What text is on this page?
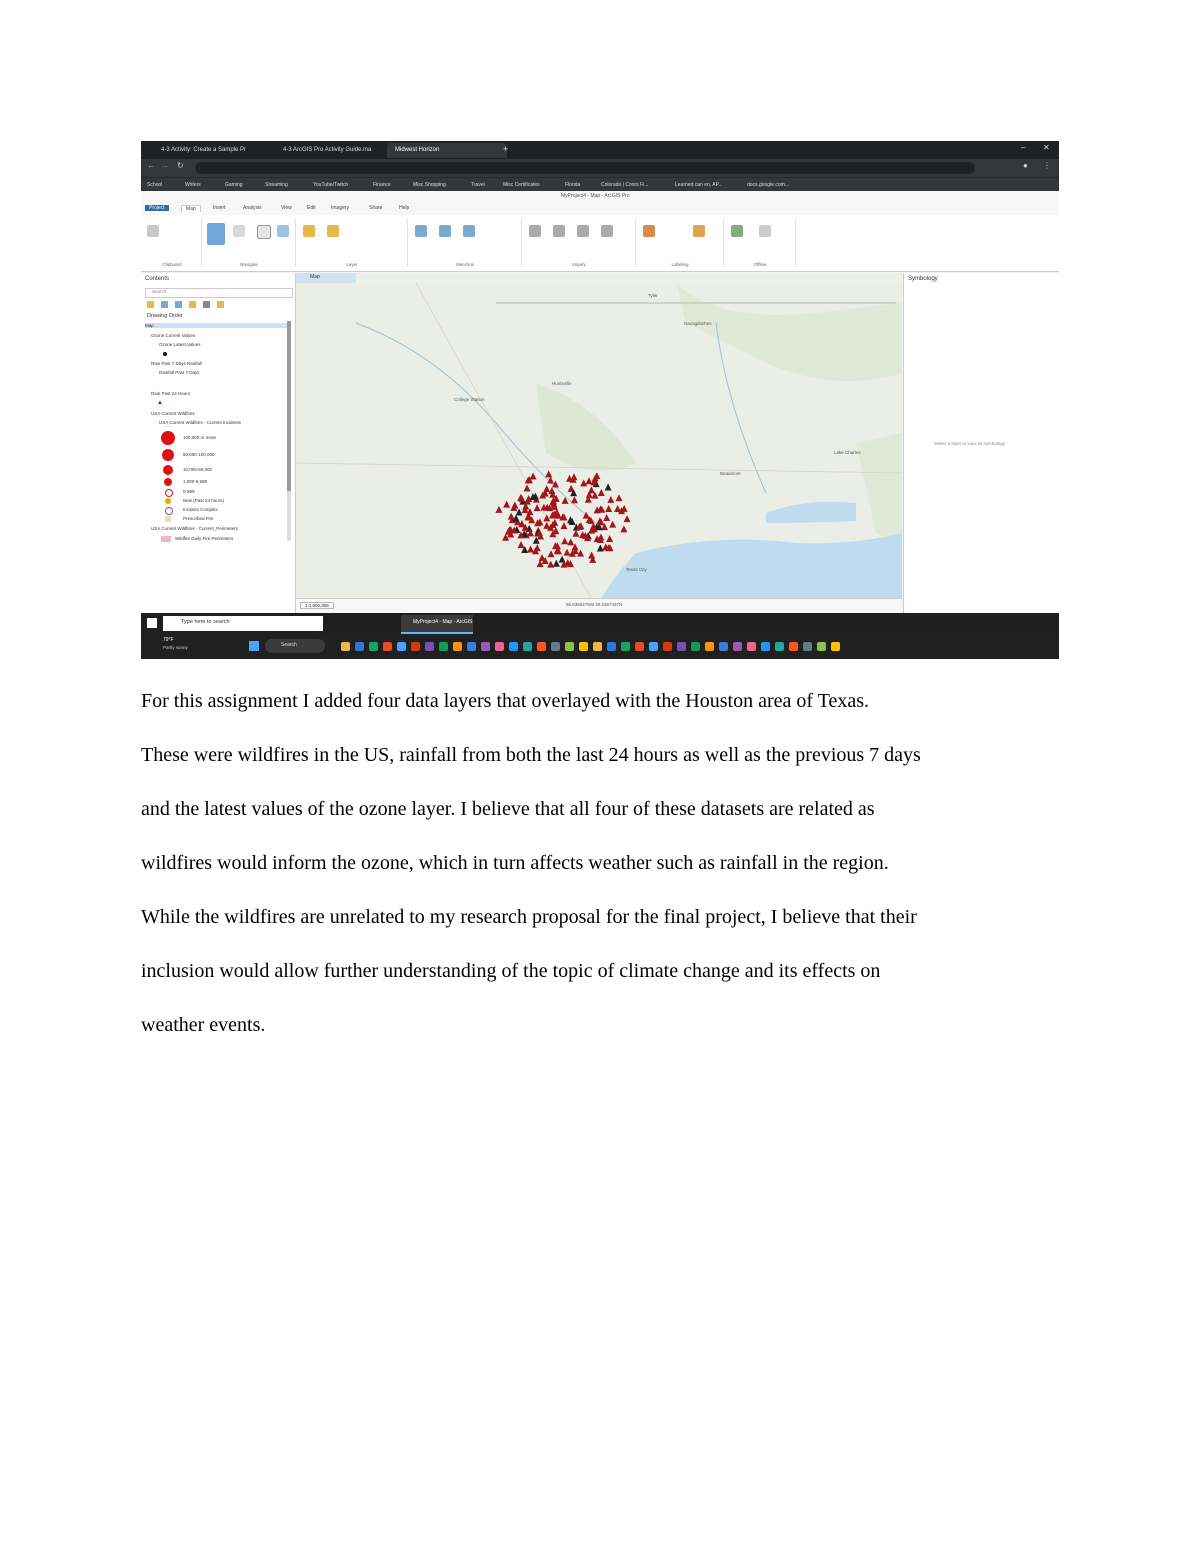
4-3 Activity: Create a Sample Pr	4-3 ArcGIS Pro Activity Guide.ma	Midwest Horizon	+	– ✕
← → ↻	● ⋮
School	Writers	Gaming	Streaming	YouTube/Twitch	Finance	Misc Shopping	Travel	Misc Certificates	Florida	Colorado | Coors Fi...	Learned can en, AP...	docs.google.com...
MyProject4 - Map - ArcGIS Pro
Project	Map	Insert	Analysis	View	Edit	Imagery	Share	Help
Clipboard	Navigate	Layer	Selection	Inquiry	Labeling	Offline
Contents
Search
Drawing Order
Map
Ozone Current Values
Ozone Latest Values
Rain Past 7 Days Rainfall
Rainfall Past 7 Days
Rain Past 24 Hours
▲
USA Current Wildfires
USA Current Wildfires - Current Incidents
100,000 or more
50,000-100,000
10,000-50,000
1,000-9,999
0-999
New (Past 24 hours)
Incident Complex
Prescribed Fire
USA Current Wildfires - Current_Perimeters
Wildfire Daily Fire Perimeters
Map
Tyler
Nacogdoches
Huntsville
College Station
Beaumont
Lake Charles
Texas City
1:1,600,305	96.8360278W 30.2357437N
Symbology
Select a layer to view its symbology
Type here to search	MyProject4 - Map - ArcGIS
79°F
Partly sunny	Search

For this assignment I added four data layers that overlayed with the Houston area of Texas.

These were wildfires in the US, rainfall from both the last 24 hours as well as the previous 7 days

and the latest values of the ozone layer. I believe that all four of these datasets are related as

wildfires would inform the ozone, which in turn affects weather such as rainfall in the region.

While the wildfires are unrelated to my research proposal for the final project, I believe that their

inclusion would allow further understanding of the topic of climate change and its effects on

weather events.
